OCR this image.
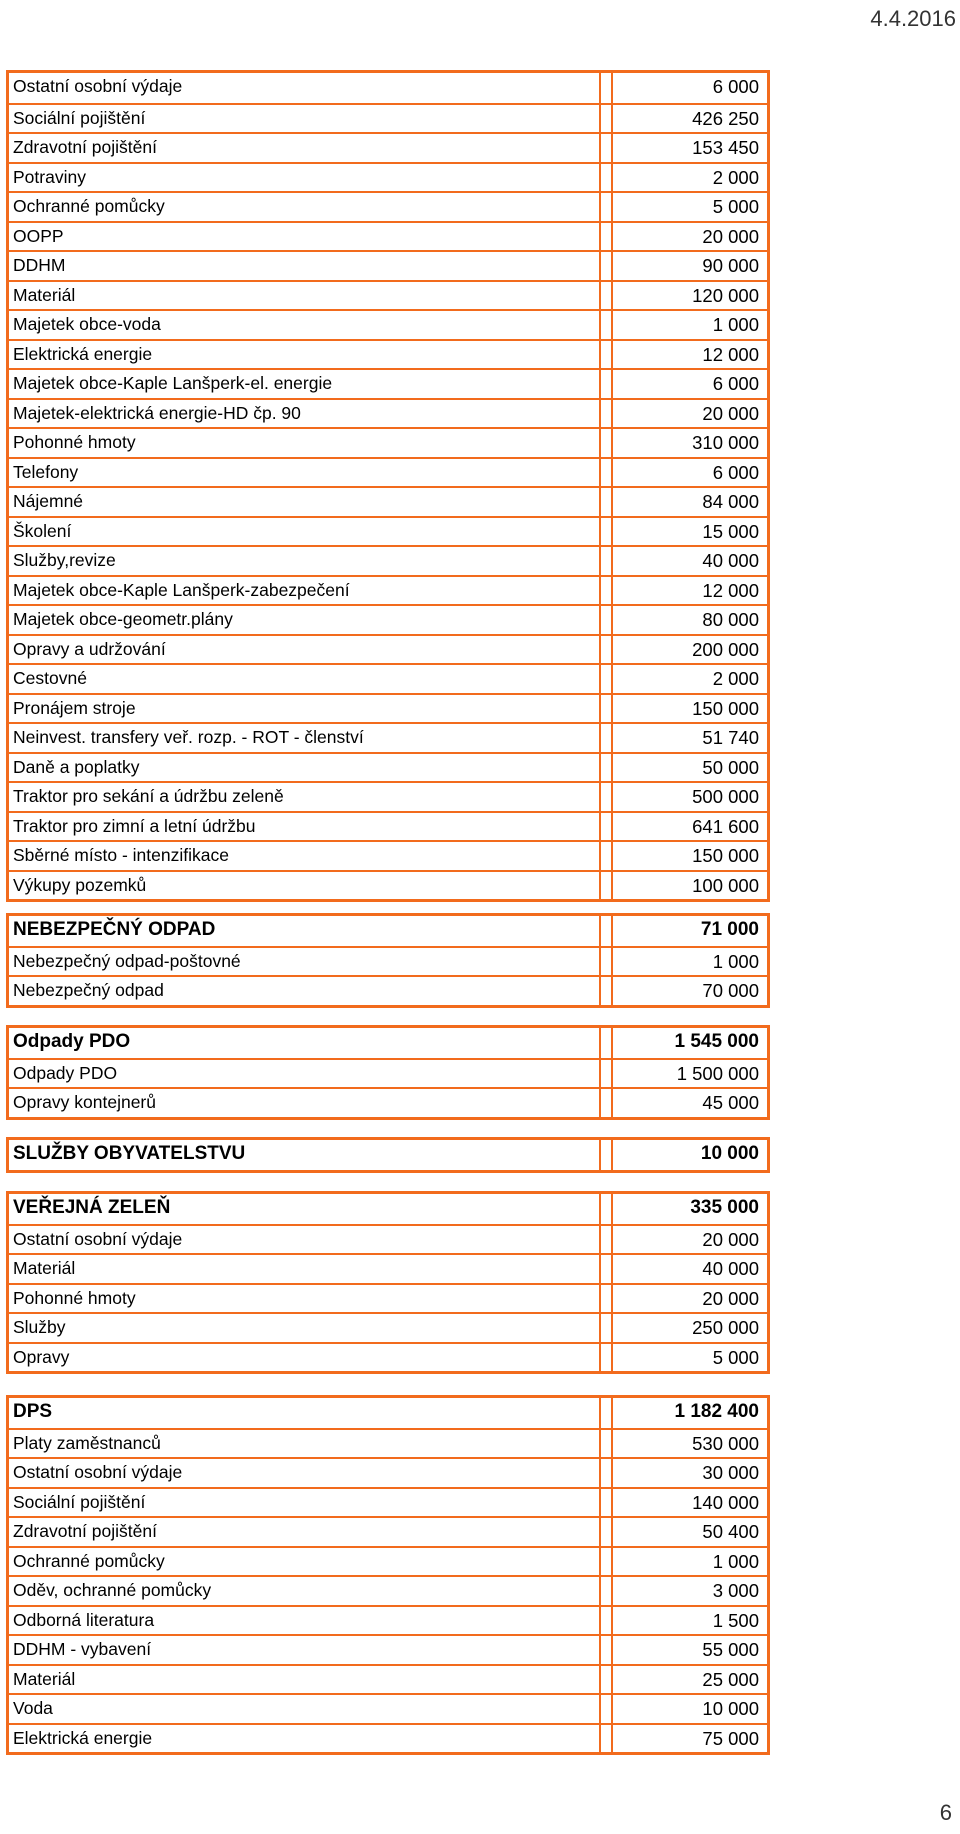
4.4.2016
Ostatní osobní výdaje	6 000
Sociální pojištění	426 250
Zdravotní pojištění	153 450
Potraviny	2 000
Ochranné pomůcky	5 000
OOPP	20 000
DDHM	90 000
Materiál	120 000
Majetek obce-voda	1 000
Elektrická energie	12 000
Majetek obce-Kaple Lanšperk-el. energie	6 000
Majetek-elektrická energie-HD čp. 90	20 000
Pohonné hmoty	310 000
Telefony	6 000
Nájemné	84 000
Školení	15 000
Služby,revize	40 000
Majetek obce-Kaple Lanšperk-zabezpečení	12 000
Majetek obce-geometr.plány	80 000
Opravy a udržování	200 000
Cestovné	2 000
Pronájem stroje	150 000
Neinvest. transfery veř. rozp. - ROT - členství	51 740
Daně a poplatky	50 000
Traktor pro sekání a údržbu zeleně	500 000
Traktor pro zimní a letní údržbu	641 600
Sběrné místo - intenzifikace	150 000
Výkupy pozemků	100 000
NEBEZPEČNÝ ODPAD	71 000
Nebezpečný odpad-poštovné	1 000
Nebezpečný odpad	70 000
Odpady PDO	1 545 000
Odpady PDO	1 500 000
Opravy kontejnerů	45 000
SLUŽBY OBYVATELSTVU	10 000
VEŘEJNÁ ZELEŇ	335 000
Ostatní osobní výdaje	20 000
Materiál	40 000
Pohonné hmoty	20 000
Služby	250 000
Opravy	5 000
DPS	1 182 400
Platy zaměstnanců	530 000
Ostatní osobní výdaje	30 000
Sociální pojištění	140 000
Zdravotní pojištění	50 400
Ochranné pomůcky	1 000
Oděv, ochranné pomůcky	3 000
Odborná literatura	1 500
DDHM - vybavení	55 000
Materiál	25 000
Voda	10 000
Elektrická energie	75 000
6
